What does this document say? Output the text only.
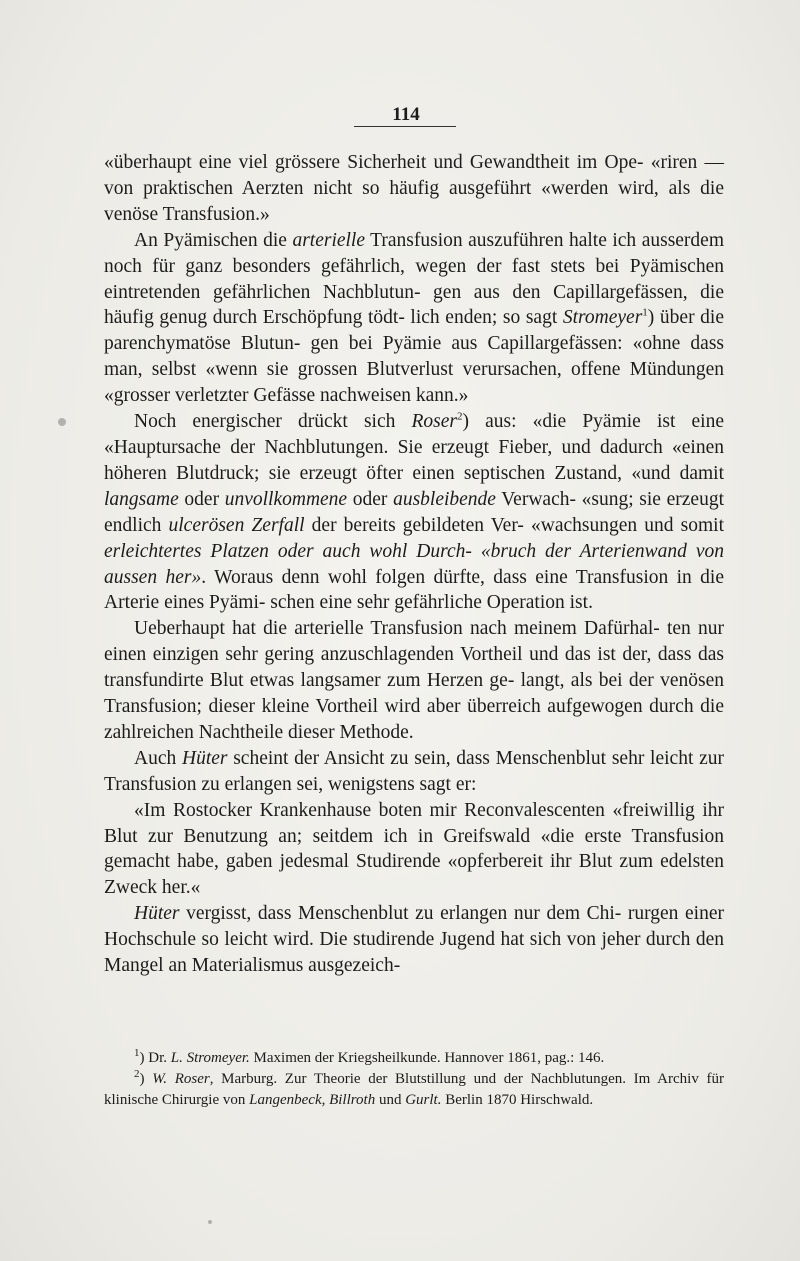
114

«überhaupt eine viel grössere Sicherheit und Gewandtheit im Ope- «riren — von praktischen Aerzten nicht so häufig ausgeführt «werden wird, als die venöse Transfusion.»

An Pyämischen die arterielle Transfusion auszuführen halte ich ausserdem noch für ganz besonders gefährlich, wegen der fast stets bei Pyämischen eintretenden gefährlichen Nachblutun- gen aus den Capillargefässen, die häufig genug durch Erschöpfung tödt- lich enden; so sagt Stromeyer$^1$) über die parenchymatöse Blutun- gen bei Pyämie aus Capillargefässen: «ohne dass man, selbst «wenn sie grossen Blutverlust verursachen, offene Mündungen «grosser verletzter Gefässe nachweisen kann.»

Noch energischer drückt sich Roser$^2$) aus: «die Pyämie ist eine «Hauptursache der Nachblutungen. Sie erzeugt Fieber, und dadurch «einen höheren Blutdruck; sie erzeugt öfter einen septischen Zustand, «und damit langsame oder unvollkommene oder ausbleibende Verwach- «sung; sie erzeugt endlich ulcerösen Zerfall der bereits gebildeten Ver- «wachsungen und somit erleichtertes Platzen oder auch wohl Durch- «bruch der Arterienwand von aussen her». Woraus denn wohl folgen dürfte, dass eine Transfusion in die Arterie eines Pyämi- schen eine sehr gefährliche Operation ist.

Ueberhaupt hat die arterielle Transfusion nach meinem Dafürhal- ten nur einen einzigen sehr gering anzuschlagenden Vortheil und das ist der, dass das transfundirte Blut etwas langsamer zum Herzen ge- langt, als bei der venösen Transfusion; dieser kleine Vortheil wird aber überreich aufgewogen durch die zahlreichen Nachtheile dieser Methode.

Auch Hüter scheint der Ansicht zu sein, dass Menschenblut sehr leicht zur Transfusion zu erlangen sei, wenigstens sagt er:

«Im Rostocker Krankenhause boten mir Reconvalescenten «freiwillig ihr Blut zur Benutzung an; seitdem ich in Greifswald «die erste Transfusion gemacht habe, gaben jedesmal Studirende «opferbereit ihr Blut zum edelsten Zweck her.«

Hüter vergisst, dass Menschenblut zu erlangen nur dem Chi- rurgen einer Hochschule so leicht wird. Die studirende Jugend hat sich von jeher durch den Mangel an Materialismus ausgezeich-

$^1$) Dr. L. Stromeyer. Maximen der Kriegsheilkunde. Hannover 1861, pag.: 146.

$^2$) W. Roser, Marburg. Zur Theorie der Blutstillung und der Nachblutungen. Im Archiv für klinische Chirurgie von Langenbeck, Billroth und Gurlt. Berlin 1870 Hirschwald.
